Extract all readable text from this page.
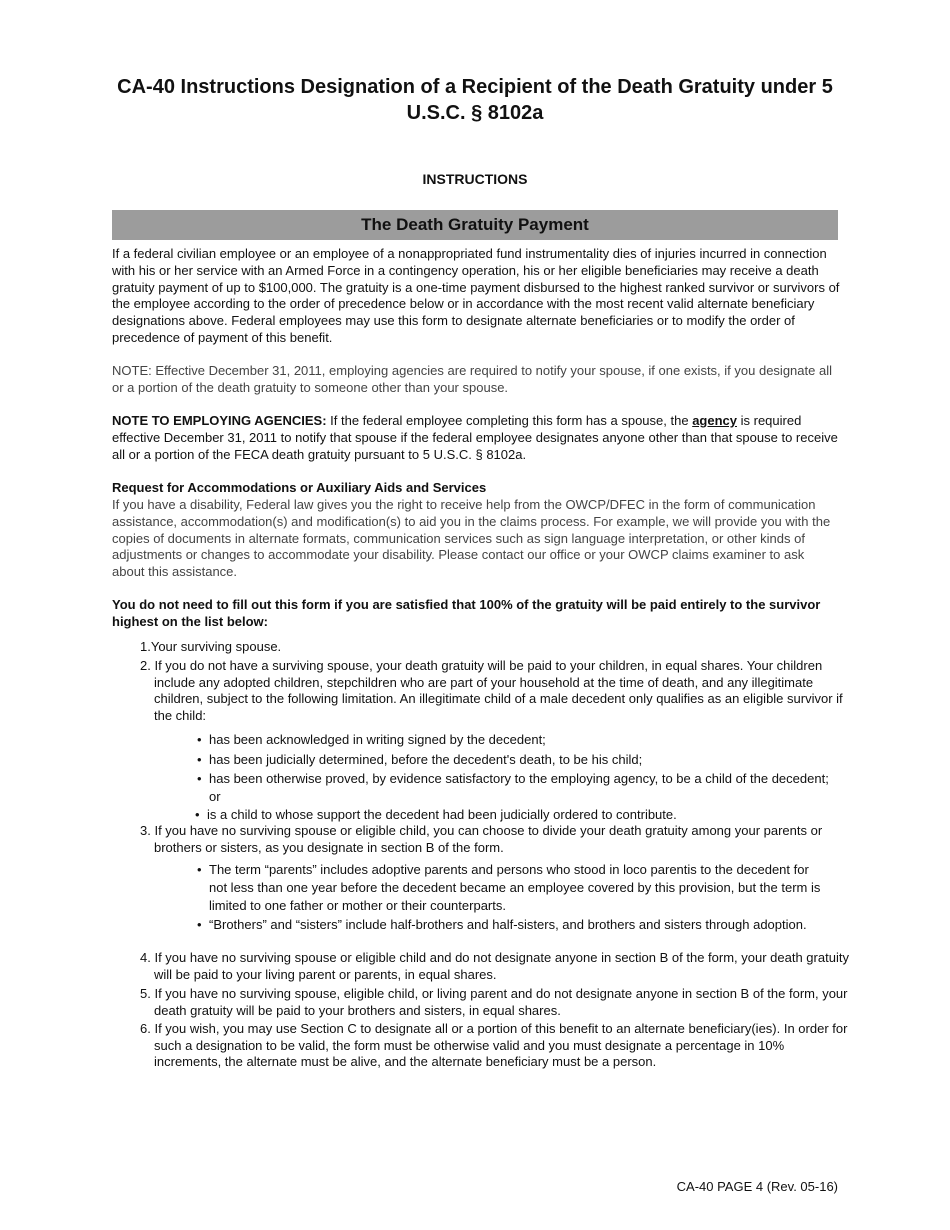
CA-40 Instructions Designation of a Recipient of the Death Gratuity under 5 U.S.C. § 8102a
INSTRUCTIONS
The Death Gratuity Payment
If a federal civilian employee or an employee of a nonappropriated fund instrumentality dies of injuries incurred in connection with his or her service with an Armed Force in a contingency operation, his or her eligible beneficiaries may receive a death gratuity payment of up to $100,000. The gratuity is a one-time payment disbursed to the highest ranked survivor or survivors of the employee according to the order of precedence below or in accordance with the most recent valid alternate beneficiary designations above. Federal employees may use this form to designate alternate beneficiaries or to modify the order of precedence of payment of this benefit.
NOTE: Effective December 31, 2011, employing agencies are required to notify your spouse, if one exists, if you designate all or a portion of the death gratuity to someone other than your spouse.
NOTE TO EMPLOYING AGENCIES: If the federal employee completing this form has a spouse, the agency is required effective December 31, 2011 to notify that spouse if the federal employee designates anyone other than that spouse to receive all or a portion of the FECA death gratuity pursuant to 5 U.S.C. § 8102a.
Request for Accommodations or Auxiliary Aids and Services
If you have a disability, Federal law gives you the right to receive help from the OWCP/DFEC in the form of communication assistance, accommodation(s) and modification(s) to aid you in the claims process. For example, we will provide you with the copies of documents in alternate formats, communication services such as sign language interpretation, or other kinds of adjustments or changes to accommodate your disability. Please contact our office or your OWCP claims examiner to ask about this assistance.
You do not need to fill out this form if you are satisfied that 100% of the gratuity will be paid entirely to the survivor highest on the list below:
1.Your surviving spouse.
2. If you do not have a surviving spouse, your death gratuity will be paid to your children, in equal shares. Your children include any adopted children, stepchildren who are part of your household at the time of death, and any illegitimate children, subject to the following limitation. An illegitimate child of a male decedent only qualifies as an eligible survivor if the child:
• has been acknowledged in writing signed by the decedent;
• has been judicially determined, before the decedent's death, to be his child;
• has been otherwise proved, by evidence satisfactory to the employing agency, to be a child of the decedent; or
• is a child to whose support the decedent had been judicially ordered to contribute.
3. If you have no surviving spouse or eligible child, you can choose to divide your death gratuity among your parents or brothers or sisters, as you designate in section B of the form.
• The term “parents” includes adoptive parents and persons who stood in loco parentis to the decedent for not less than one year before the decedent became an employee covered by this provision, but the term is limited to one father or mother or their counterparts.
• “Brothers” and “sisters” include half-brothers and half-sisters, and brothers and sisters through adoption.
4. If you have no surviving spouse or eligible child and do not designate anyone in section B of the form, your death gratuity will be paid to your living parent or parents, in equal shares.
5. If you have no surviving spouse, eligible child, or living parent and do not designate anyone in section B of the form, your death gratuity will be paid to your brothers and sisters, in equal shares.
6. If you wish, you may use Section C to designate all or a portion of this benefit to an alternate beneficiary(ies). In order for such a designation to be valid, the form must be otherwise valid and you must designate a percentage in 10% increments, the alternate must be alive, and the alternate beneficiary must be a person.
CA-40 PAGE 4 (Rev. 05-16)
